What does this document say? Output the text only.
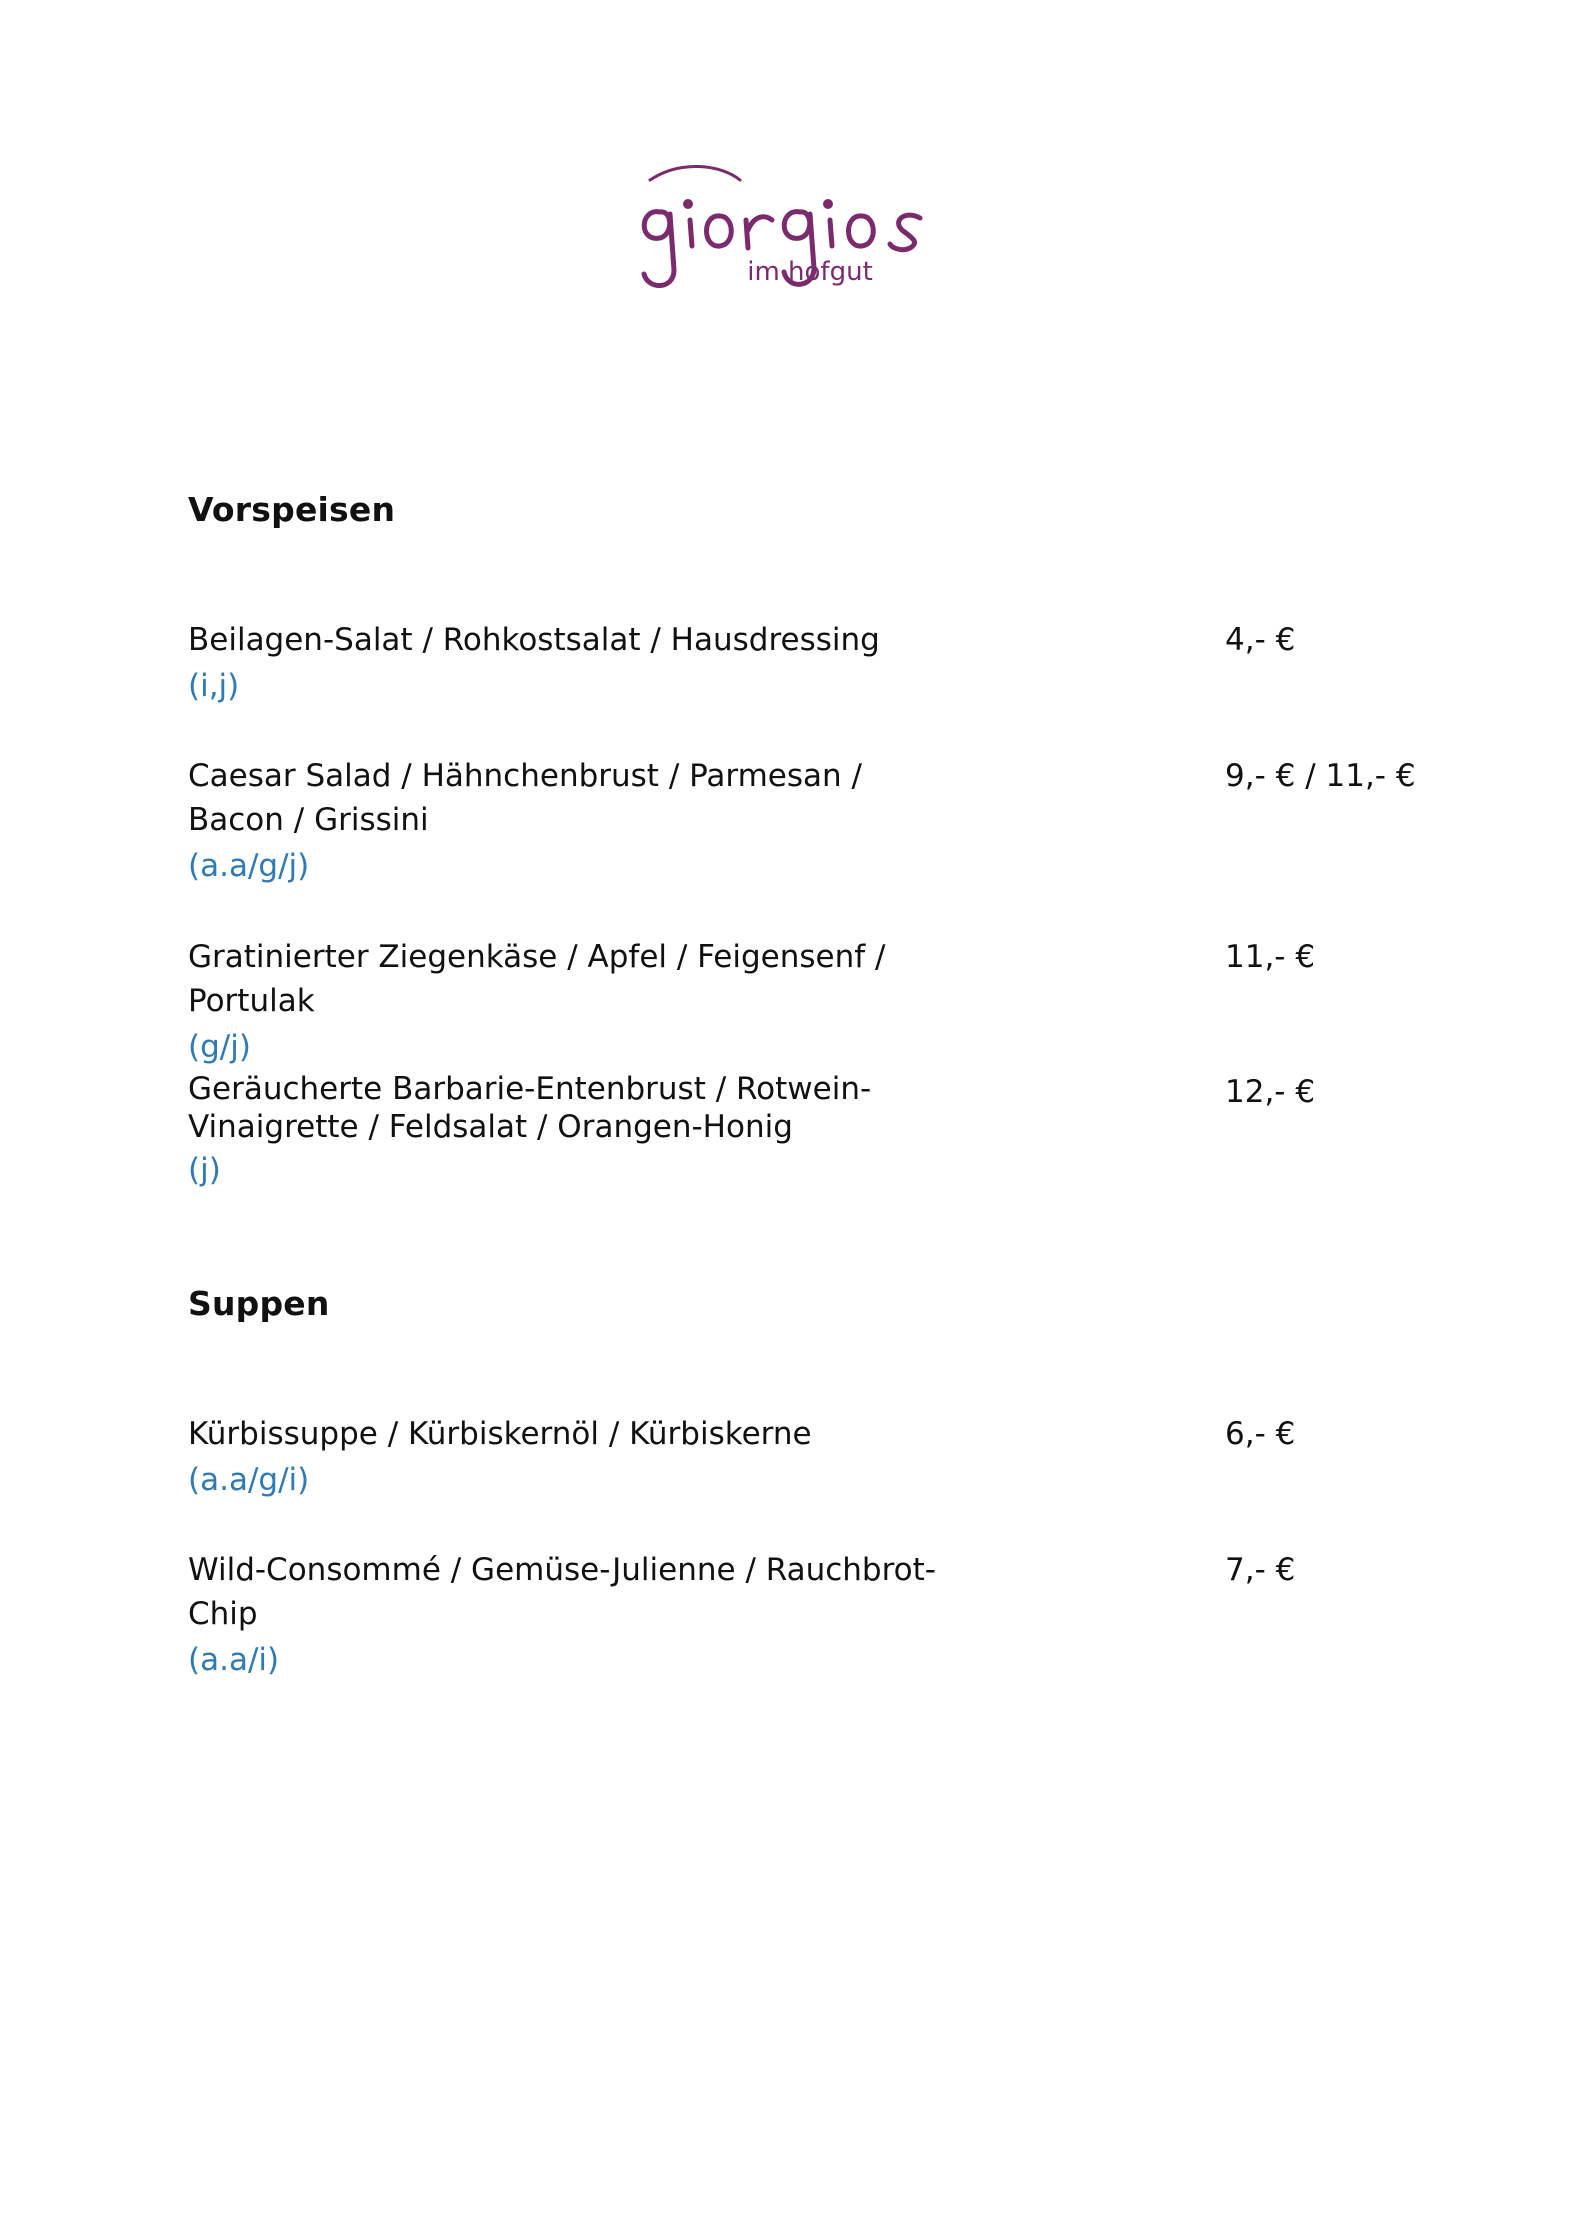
im hofgut
Vorspeisen

Beilagen-Salat / Rohkostsalat / Hausdressing

(i,j)

4,- €

Caesar Salad / Hähnchenbrust / Parmesan / Bacon / Grissini

(a.a/g/j)

9,- € / 11,- €

Gratinierter Ziegenkäse / Apfel / Feigensenf / Portulak

(g/j)

11,- €

Geräucherte Barbarie-Entenbrust / Rotwein-Vinaigrette / Feldsalat / Orangen-Honig

(j)

12,- €
Suppen

Kürbissuppe / Kürbiskernöl / Kürbiskerne

(a.a/g/i)

6,- €

Wild-Consommé / Gemüse-Julienne / Rauchbrot-Chip

(a.a/i)

7,- €
